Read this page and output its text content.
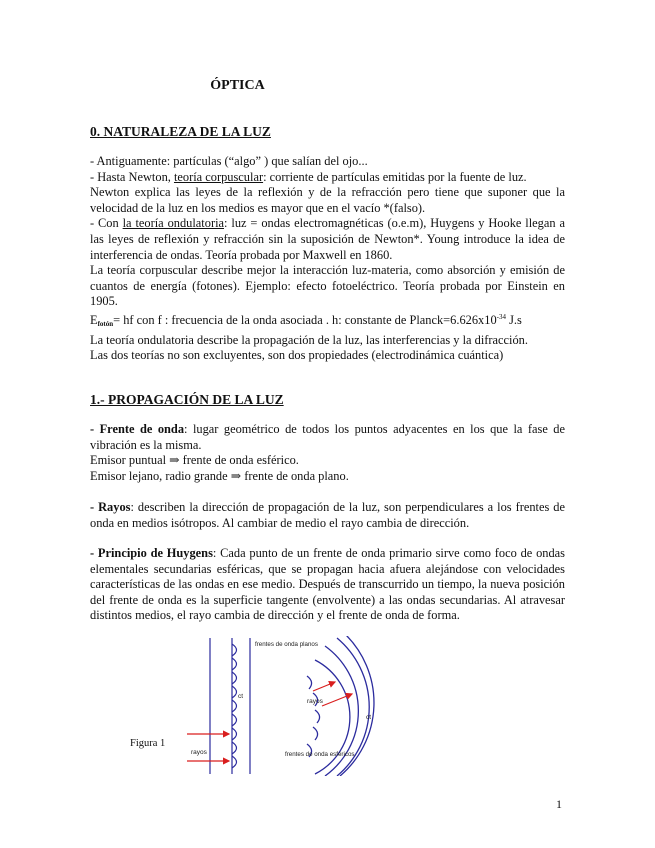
ÓPTICA
0. NATURALEZA DE LA LUZ
- Antiguamente: partículas (“algo” ) que salían del ojo...
- Hasta Newton, teoría corpuscular: corriente de partículas emitidas por la fuente de luz.
Newton explica las leyes de la reflexión y de la refracción pero tiene que suponer que la velocidad de la luz en los medios es mayor que en el vacío *(falso).
- Con la teoría ondulatoria: luz = ondas electromagnéticas (o.e.m), Huygens y Hooke llegan a las leyes de reflexión y refracción sin la suposición de Newton*. Young introduce la idea de interferencia de ondas. Teoría probada por Maxwell en 1860.
La teoría corpuscular describe mejor la interacción luz-materia, como absorción y emisión de cuantos de energía (fotones). Ejemplo: efecto fotoeléctrico. Teoría probada por Einstein en 1905.
$E_{fotón}=$ hf con f : frecuencia de la onda asociada . h: constante de $Planck=6.626x10^{-34}$ J.s
La teoría ondulatoria describe la propagación de la luz, las interferencias y la difracción.
Las dos teorías no son excluyentes, son dos propiedades (electrodinámica cuántica)
1.- PROPAGACIÓN DE LA LUZ
- Frente de onda: lugar geométrico de todos los puntos adyacentes en los que la fase de vibración es la misma.
Emisor puntual ⇒ frente de onda esférico.
Emisor lejano, radio grande ⇒ frente de onda plano.
- Rayos: describen la dirección de propagación de la luz, son perpendiculares a los frentes de onda en medios isótropos. Al cambiar de medio el rayo cambia de dirección.
- Principio de Huygens: Cada punto de un frente de onda primario sirve como foco de ondas elementales secundarias esféricas, que se propagan hacia afuera alejándose con velocidades características de las ondas en ese medio. Después de transcurrido un tiempo, la nueva posición del frente de onda es la superficie tangente (envolvente) a las ondas secundarias. Al atravesar distintos medios, el rayo cambia de dirección y el frente de onda de forma.
Figura 1
frentes de onda planos
frentes de onda esféricos
rayos
rayos
ct
ct
1
